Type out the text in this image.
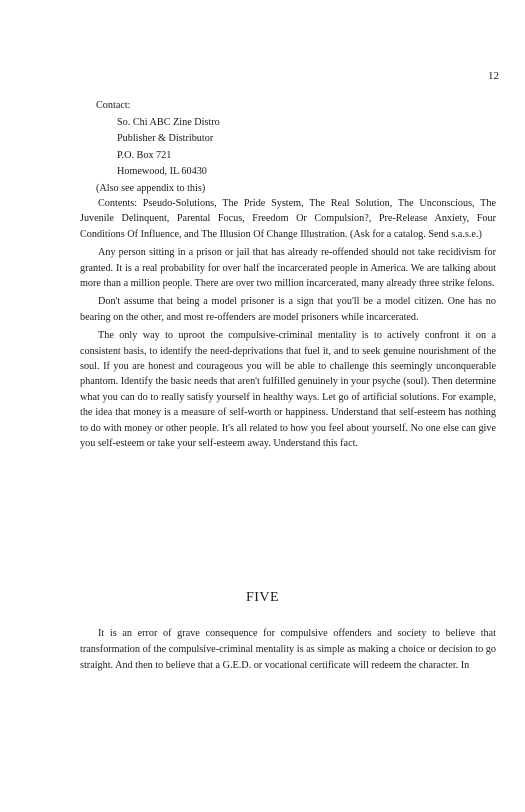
12
Contact:
So. Chi ABC Zine Distro
Publisher & Distributor
P.O. Box 721
Homewood, IL 60430
(Also see appendix to this)

Contents: Pseudo-Solutions, The Pride System, The Real Solution, The Unconscious, The Juvenile Delinquent, Parental Focus, Freedom Or Compulsion?, Pre-Release Anxiety, Four Conditions Of Influence, and The Illusion Of Change Illustration. (Ask for a catalog. Send s.a.s.e.)

Any person sitting in a prison or jail that has already re-offended should not take recidivism for granted. It is a real probability for over half the incarcerated people in America. We are talking about more than a million people. There are over two million incarcerated, many already three strike felons.

Don't assume that being a model prisoner is a sign that you'll be a model citizen. One has no bearing on the other, and most re-offenders are model prisoners while incarcerated.

The only way to uproot the compulsive-criminal mentality is to actively confront it on a consistent basis, to identify the need-deprivations that fuel it, and to seek genuine nourishment of the soul. If you are honest and courageous you will be able to challenge this seemingly unconquerable phantom. Identify the basic needs that aren't fulfilled genuinely in your psyche (soul). Then determine what you can do to really satisfy yourself in healthy ways. Let go of artificial solutions. For example, the idea that money is a measure of self-worth or happiness. Understand that self-esteem has nothing to do with money or other people. It's all related to how you feel about yourself. No one else can give you self-esteem or take your self-esteem away. Understand this fact.

FIVE

It is an error of grave consequence for compulsive offenders and society to believe that transformation of the compulsive-criminal mentality is as simple as making a choice or decision to go straight. And then to believe that a G.E.D. or vocational certificate will redeem the character. In
